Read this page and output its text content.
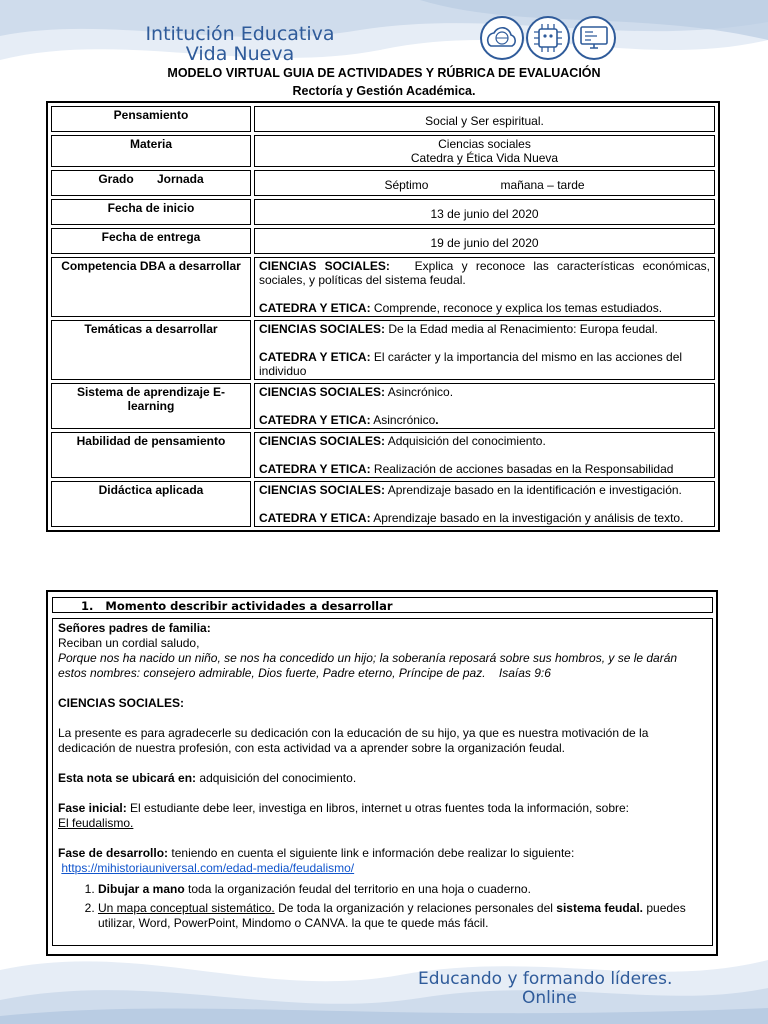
Intitución Educativa
Vida Nueva
MODELO VIRTUAL GUIA DE ACTIVIDADES Y RÚBRICA DE EVALUACIÓN
Rectoría y Gestión Académica.
Pensamiento	Social y Ser espiritual.
Materia	Ciencias sociales
Catedra y Ética Vida Nueva

Grado Jornada	Séptimo mañana – tarde
Fecha de inicio	13 de junio del 2020
Fecha de entrega	19 de junio del 2020
Competencia DBA a desarrollar	CIENCIAS SOCIALES: Explica y reconoce las características económicas, sociales, y políticas del sistema feudal.
CATEDRA Y ETICA: Comprende, reconoce y explica los temas estudiados.

Temáticas a desarrollar	CIENCIAS SOCIALES: De la Edad media al Renacimiento: Europa feudal.
CATEDRA Y ETICA: El carácter y la importancia del mismo en las acciones del individuo

Sistema de aprendizaje E-learning	CIENCIAS SOCIALES: Asincrónico.
CATEDRA Y ETICA: Asincrónico.

Habilidad de pensamiento	CIENCIAS SOCIALES: Adquisición del conocimiento.
CATEDRA Y ETICA: Realización de acciones basadas en la Responsabilidad

Didáctica aplicada	CIENCIAS SOCIALES: Aprendizaje basado en la identificación e investigación.
CATEDRA Y ETICA: Aprendizaje basado en la investigación y análisis de texto.
1. Momento describir actividades a desarrollar

Señores padres de familia:

Reciban un cordial saludo,

Porque nos ha nacido un niño, se nos ha concedido un hijo; la soberanía reposará sobre sus hombros, y se le darán estos nombres: consejero admirable, Dios fuerte, Padre eterno, Príncipe de paz. Isaías 9:6

CIENCIAS SOCIALES:

La presente es para agradecerle su dedicación con la educación de su hijo, ya que es nuestra motivación de la dedicación de nuestra profesión, con esta actividad va a aprender sobre la organización feudal.

Esta nota se ubicará en: adquisición del conocimiento.

Fase inicial: El estudiante debe leer, investiga en libros, internet u otras fuentes toda la información, sobre:

El feudalismo.

Fase de desarrollo: teniendo en cuenta el siguiente link e información debe realizar lo siguiente:

https://mihistoriauniversal.com/edad-media/feudalismo/

1. Dibujar a mano toda la organización feudal del territorio en una hoja o cuaderno.
2. Un mapa conceptual sistemático. De toda la organización y relaciones personales del sistema feudal. puedes utilizar, Word, PowerPoint, Mindomo o CANVA. la que te quede más fácil.
Educando y formando líderes.
Online
